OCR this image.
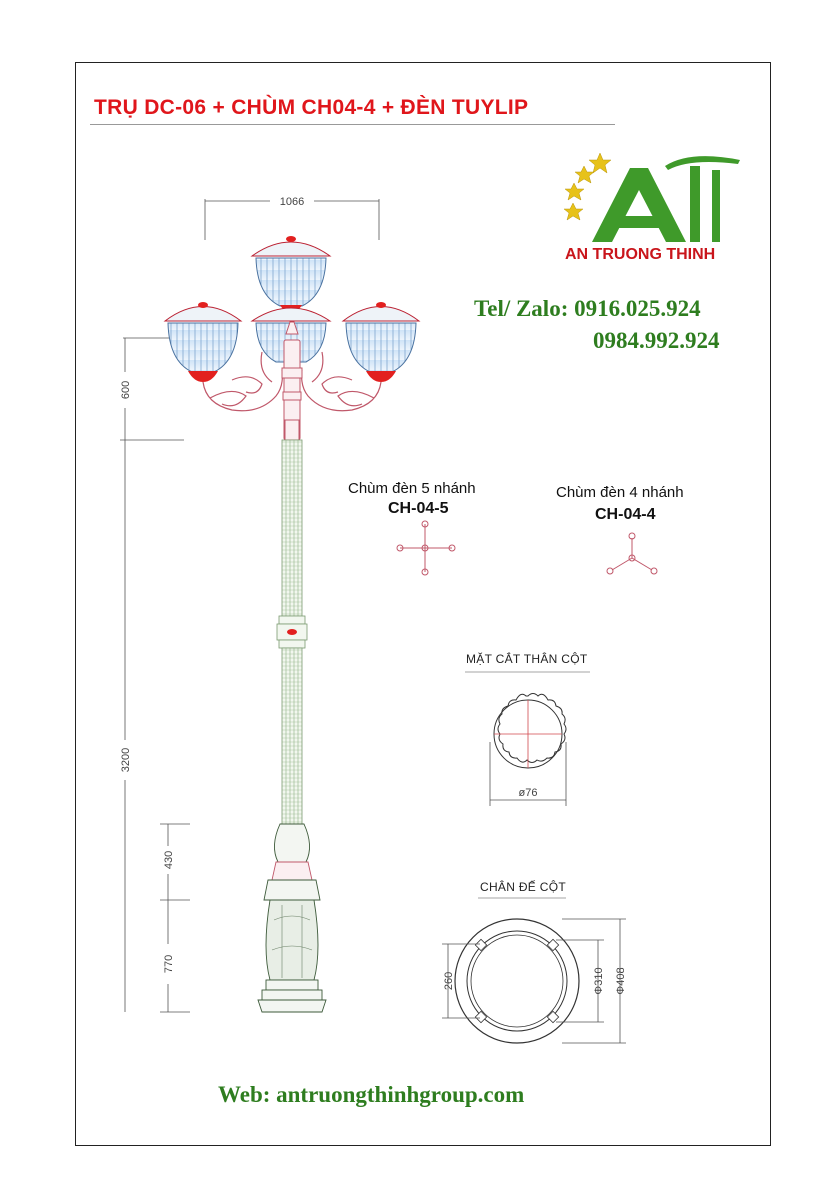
TRỤ DC-06 + CHÙM CH04-4 + ĐÈN TUYLIP
1066
600
3200
430
770
ø76
260	Φ310 Φ408
AN TRUONG THINH
Tel/ Zalo: 0916.025.924
0984.992.924
Chùm đèn 5 nhánh
CH-04-5
Chùm đèn 4 nhánh
CH-04-4
MẶT CẮT THÂN CỘT
CHÂN ĐẾ CỘT
Web: antruongthinhgroup.com
